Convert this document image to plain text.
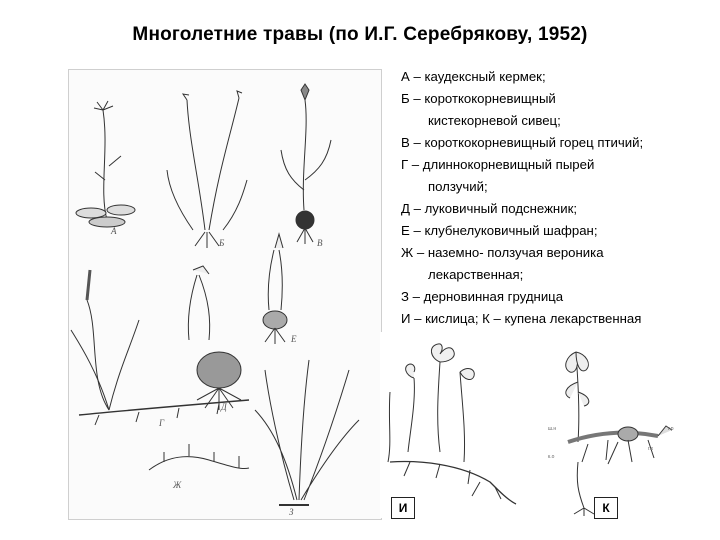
Многолетние травы (по И.Г. Серебрякову, 1952)
A
Б	В
Г
Д
Е
Ж
З
А – каудексный кермек;
Б – короткокорневищный
кистекорневой сивец;
В – короткокорневищный горец птичий;
Г – длиннокорневищный пырей
ползучий;
Д – луковичный подснежник;
Е – клубнелуковичный шафран;
Ж – наземно- ползучая вероника
лекарственная;
З – дерновинная грудница
И – кислица; К – купена лекарственная
И
ш.н	r.p
r.к
к.о
К
